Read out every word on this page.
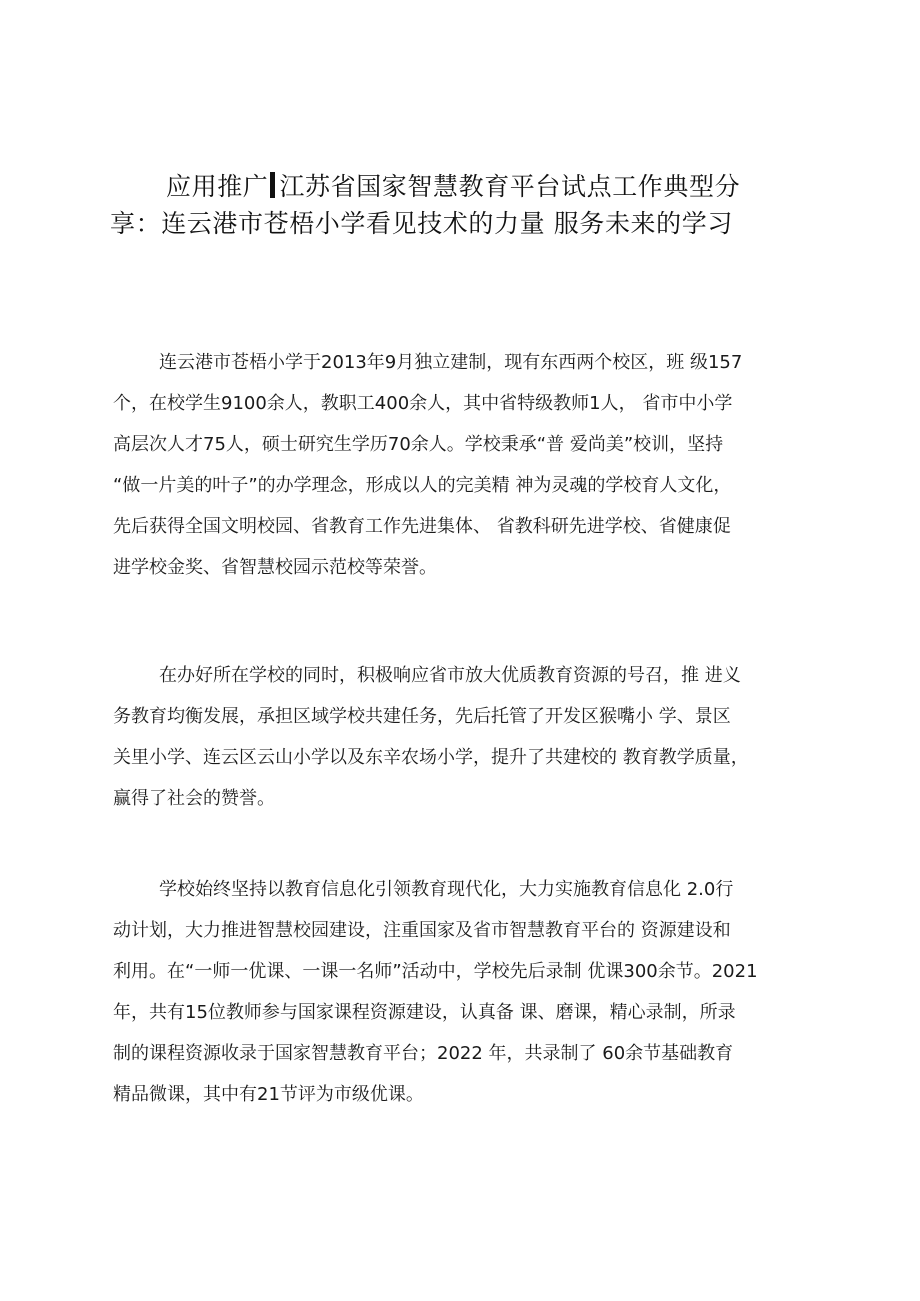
应用推广 江苏省国家智慧教育平台试点工作典型分
享：连云港市苍梧小学看见技术的力量 服务未来的学习

连云港市苍梧小学于2013年9月独立建制，现有东西两个校区，班 级157
个，在校学生9100余人，教职工400余人，其中省特级教师1人， 省市中小学
高层次人才75人，硕士研究生学历70余人。学校秉承“普 爱尚美”校训，坚持
“做一片美的叶子”的办学理念，形成以人的完美精 神为灵魂的学校育人文化，
先后获得全国文明校园、省教育工作先进集体、 省教科研先进学校、省健康促
进学校金奖、省智慧校园示范校等荣誉。

在办好所在学校的同时，积极响应省市放大优质教育资源的号召，推 进义
务教育均衡发展，承担区域学校共建任务，先后托管了开发区猴嘴小 学、景区
关里小学、连云区云山小学以及东辛农场小学，提升了共建校的 教育教学质量，
赢得了社会的赞誉。

学校始终坚持以教育信息化引领教育现代化，大力实施教育信息化 2.0行
动计划，大力推进智慧校园建设，注重国家及省市智慧教育平台的 资源建设和
利用。在“一师一优课、一课一名师”活动中，学校先后录制 优课300余节。2021
年，共有15位教师参与国家课程资源建设，认真备 课、磨课，精心录制，所录
制的课程资源收录于国家智慧教育平台；2022 年，共录制了 60余节基础教育
精品微课，其中有21节评为市级优课。
